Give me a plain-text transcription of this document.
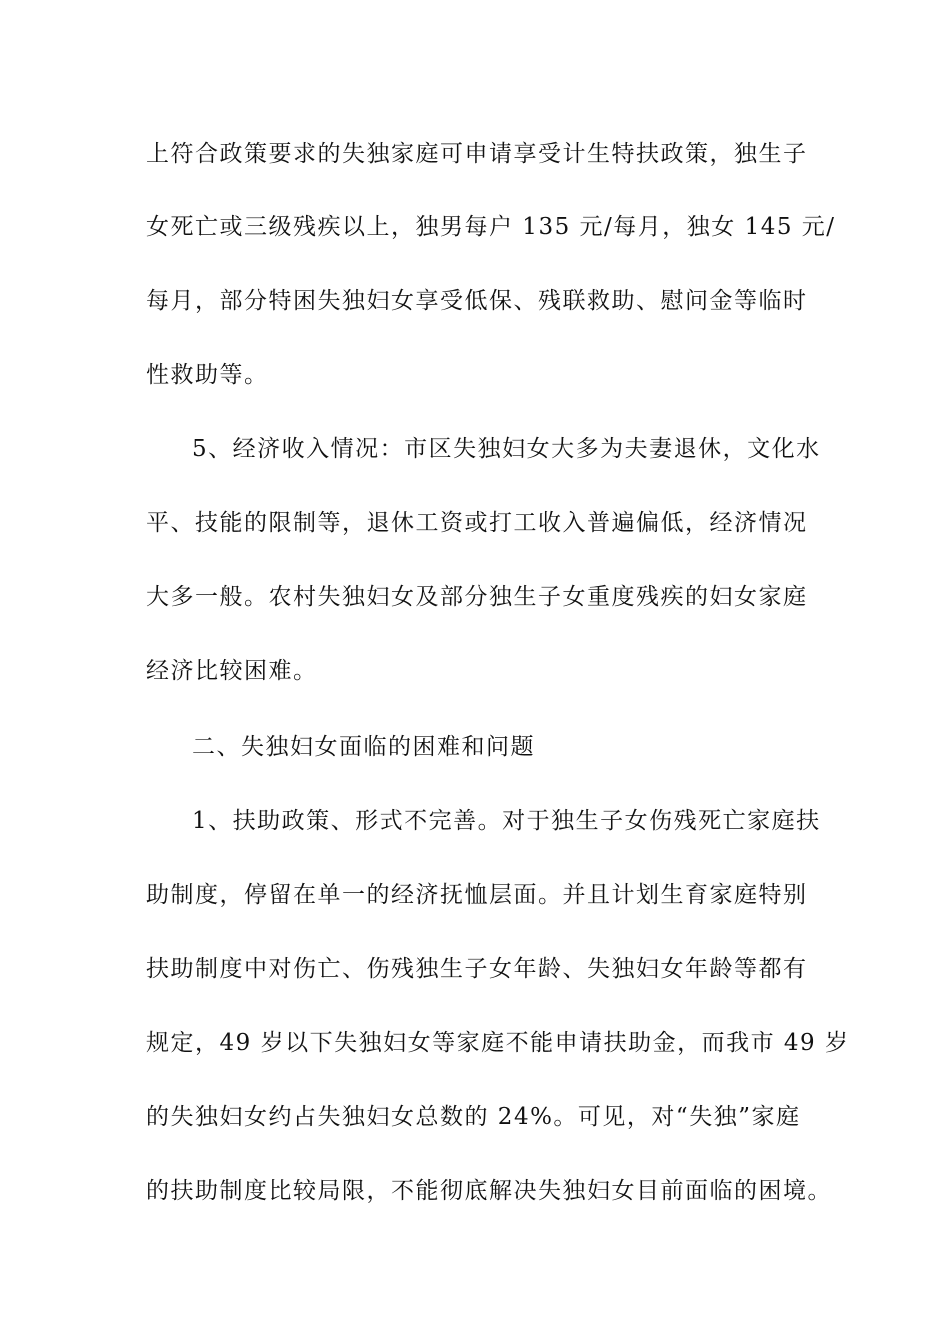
上符合政策要求的失独家庭可申请享受计生特扶政策，独生子
女死亡或三级残疾以上，独男每户 135 元/每月，独女 145 元/
每月，部分特困失独妇女享受低保、残联救助、慰问金等临时
性救助等。
5、经济收入情况：市区失独妇女大多为夫妻退休，文化水
平、技能的限制等，退休工资或打工收入普遍偏低，经济情况
大多一般。农村失独妇女及部分独生子女重度残疾的妇女家庭
经济比较困难。
二、失独妇女面临的困难和问题
1、扶助政策、形式不完善。对于独生子女伤残死亡家庭扶
助制度，停留在单一的经济抚恤层面。并且计划生育家庭特别
扶助制度中对伤亡、伤残独生子女年龄、失独妇女年龄等都有
规定，49 岁以下失独妇女等家庭不能申请扶助金，而我市 49 岁
的失独妇女约占失独妇女总数的 24%。可见，对“失独”家庭
的扶助制度比较局限，不能彻底解决失独妇女目前面临的困境。
